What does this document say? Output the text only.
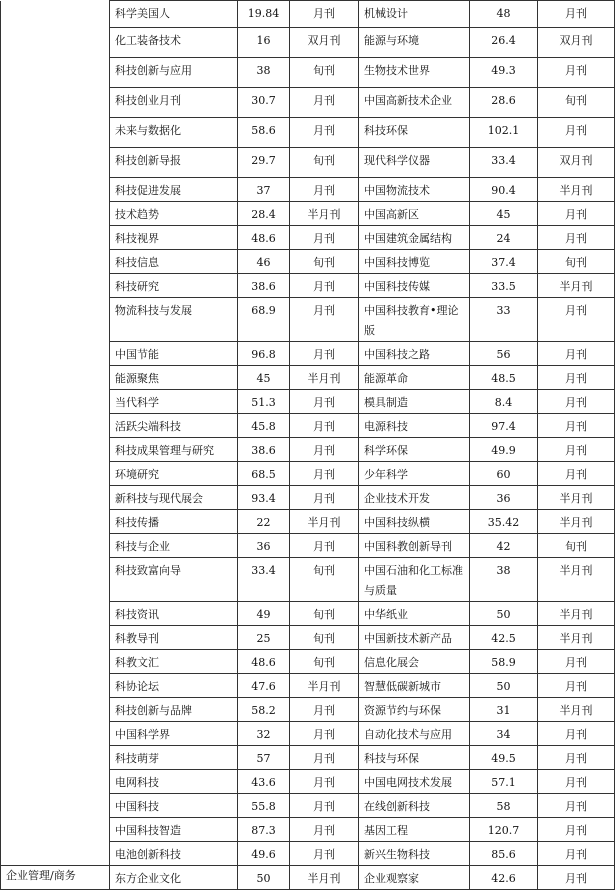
	科学美国人	19.84	月刊	机械设计	48	月刊

	化工装备技术	16	双月刊	能源与环境	26.4	双月刊

	科技创新与应用	38	旬刊	生物技术世界	49.3	月刊

	科技创业月刊	30.7	月刊	中国高新技术企业	28.6	旬刊

	未来与数据化	58.6	月刊	科技环保	102.1	月刊

	科技创新导报	29.7	旬刊	现代科学仪器	33.4	双月刊

	科技促进发展	37	月刊	中国物流技术	90.4	半月刊

	技术趋势	28.4	半月刊	中国高新区	45	月刊

	科技视界	48.6	月刊	中国建筑金属结构	24	月刊

	科技信息	46	旬刊	中国科技博览	37.4	旬刊

	科技研究	38.6	月刊	中国科技传媒	33.5	半月刊

	物流科技与发展	68.9	月刊	中国科技教育•理论版	33	月刊

	中国节能	96.8	月刊	中国科技之路	56	月刊

	能源聚焦	45	半月刊	能源革命	48.5	月刊

	当代科学	51.3	月刊	模具制造	8.4	月刊

	活跃尖端科技	45.8	月刊	电源科技	97.4	月刊

	科技成果管理与研究	38.6	月刊	科学环保	49.9	月刊

	环境研究	68.5	月刊	少年科学	60	月刊

	新科技与现代展会	93.4	月刊	企业技术开发	36	半月刊

	科技传播	22	半月刊	中国科技纵横	35.42	半月刊

	科技与企业	36	月刊	中国科教创新导刊	42	旬刊

	科技致富向导	33.4	旬刊	中国石油和化工标准与质量	38	半月刊

	科技资讯	49	旬刊	中华纸业	50	半月刊

	科教导刊	25	旬刊	中国新技术新产品	42.5	半月刊

	科教文汇	48.6	旬刊	信息化展会	58.9	月刊

	科协论坛	47.6	半月刊	智慧低碳新城市	50	月刊

	科技创新与品牌	58.2	月刊	资源节约与环保	31	半月刊

	中国科学界	32	月刊	自动化技术与应用	34	月刊

	科技萌芽	57	月刊	科技与环保	49.5	月刊

	电网科技	43.6	月刊	中国电网技术发展	57.1	月刊

	中国科技	55.8	月刊	在线创新科技	58	月刊

	中国科技智造	87.3	月刊	基因工程	120.7	月刊

	电池创新科技	49.6	月刊	新兴生物科技	85.6	月刊

企业管理/商务	东方企业文化	50	半月刊	企业观察家	42.6	月刊
